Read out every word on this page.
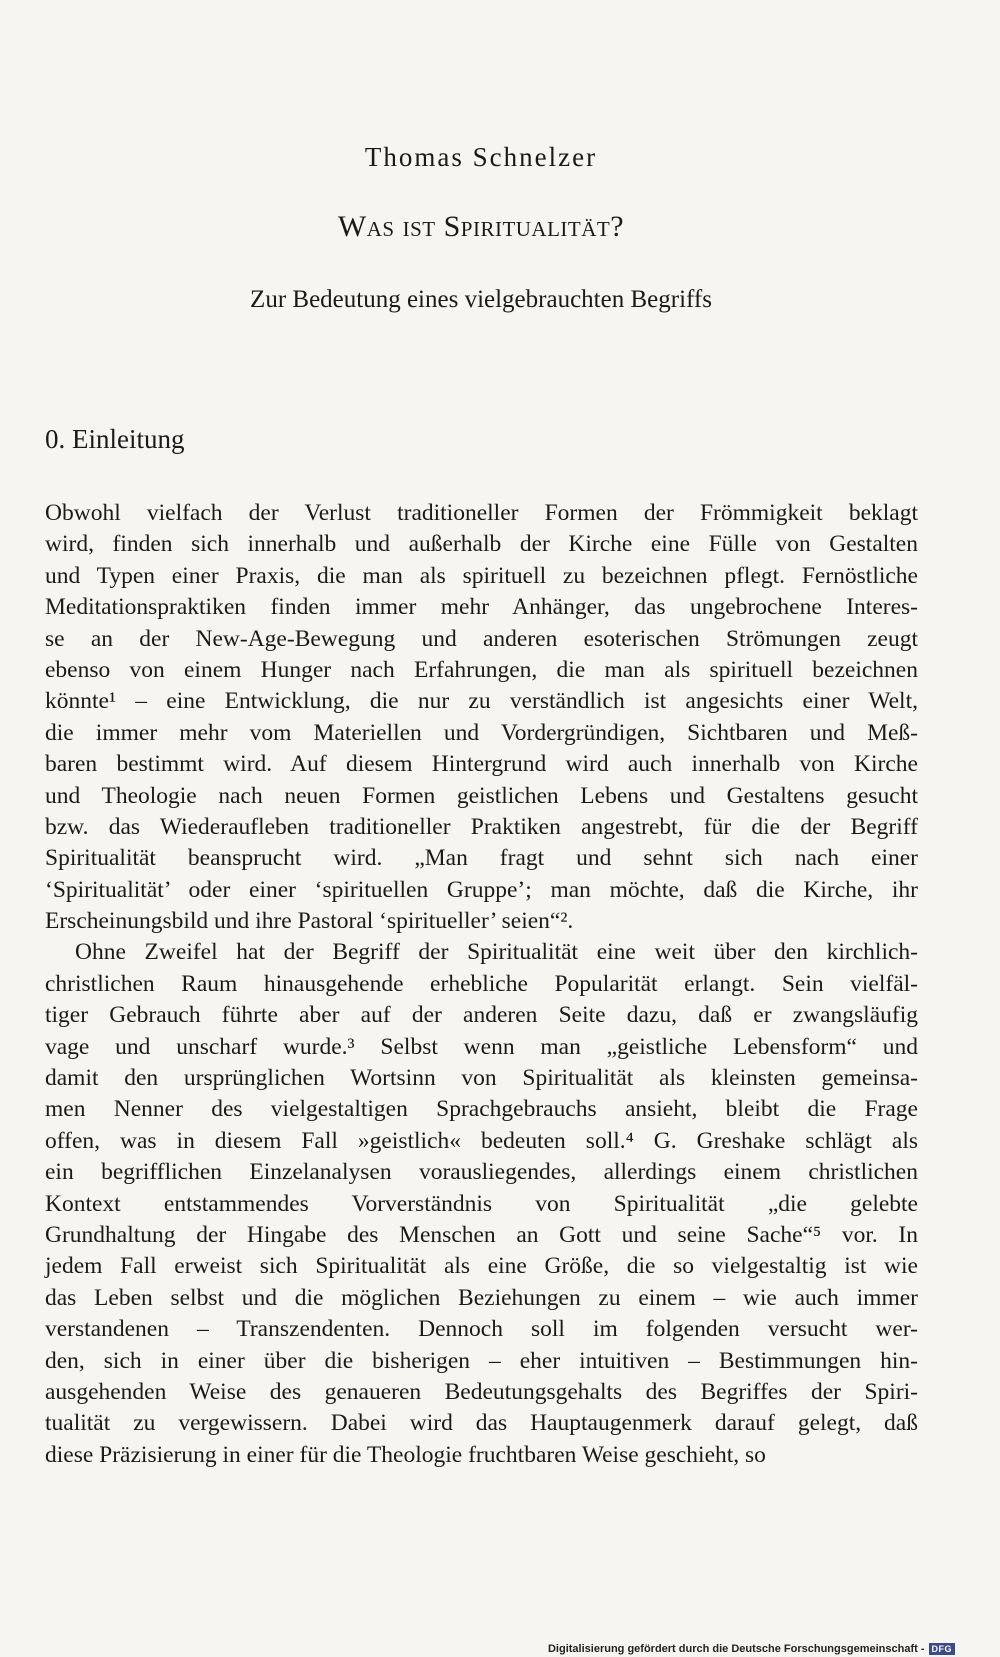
Thomas Schnelzer
Was ist Spiritualität?
Zur Bedeutung eines vielgebrauchten Begriffs
0. Einleitung
Obwohl vielfach der Verlust traditioneller Formen der Frömmigkeit beklagt
wird, finden sich innerhalb und außerhalb der Kirche eine Fülle von Gestalten
und Typen einer Praxis, die man als spirituell zu bezeichnen pflegt. Fernöstliche
Meditationspraktiken finden immer mehr Anhänger, das ungebrochene Interes-
se an der New-Age-Bewegung und anderen esoterischen Strömungen zeugt
ebenso von einem Hunger nach Erfahrungen, die man als spirituell bezeichnen
könnte¹ – eine Entwicklung, die nur zu verständlich ist angesichts einer Welt,
die immer mehr vom Materiellen und Vordergründigen, Sichtbaren und Meß-
baren bestimmt wird. Auf diesem Hintergrund wird auch innerhalb von Kirche
und Theologie nach neuen Formen geistlichen Lebens und Gestaltens gesucht
bzw. das Wiederaufleben traditioneller Praktiken angestrebt, für die der Begriff
Spiritualität beansprucht wird. „Man fragt und sehnt sich nach einer
‘Spiritualität’ oder einer ‘spirituellen Gruppe’; man möchte, daß die Kirche, ihr
Erscheinungsbild und ihre Pastoral ‘spiritueller’ seien“².
Ohne Zweifel hat der Begriff der Spiritualität eine weit über den kirchlich-
christlichen Raum hinausgehende erhebliche Popularität erlangt. Sein vielfäl-
tiger Gebrauch führte aber auf der anderen Seite dazu, daß er zwangsläufig
vage und unscharf wurde.³ Selbst wenn man „geistliche Lebensform“ und
damit den ursprünglichen Wortsinn von Spiritualität als kleinsten gemeinsa-
men Nenner des vielgestaltigen Sprachgebrauchs ansieht, bleibt die Frage
offen, was in diesem Fall »geistlich« bedeuten soll.⁴ G. Greshake schlägt als
ein begrifflichen Einzelanalysen vorausliegendes, allerdings einem christlichen
Kontext entstammendes Vorverständnis von Spiritualität „die gelebte
Grundhaltung der Hingabe des Menschen an Gott und seine Sache“⁵ vor. In
jedem Fall erweist sich Spiritualität als eine Größe, die so vielgestaltig ist wie
das Leben selbst und die möglichen Beziehungen zu einem – wie auch immer
verstandenen – Transzendenten. Dennoch soll im folgenden versucht wer-
den, sich in einer über die bisherigen – eher intuitiven – Bestimmungen hin-
ausgehenden Weise des genaueren Bedeutungsgehalts des Begriffes der Spiri-
tualität zu vergewissern. Dabei wird das Hauptaugenmerk darauf gelegt, daß
diese Präzisierung in einer für die Theologie fruchtbaren Weise geschieht, so
Digitalisierung gefördert durch die Deutsche Forschungsgemeinschaft - DFG
